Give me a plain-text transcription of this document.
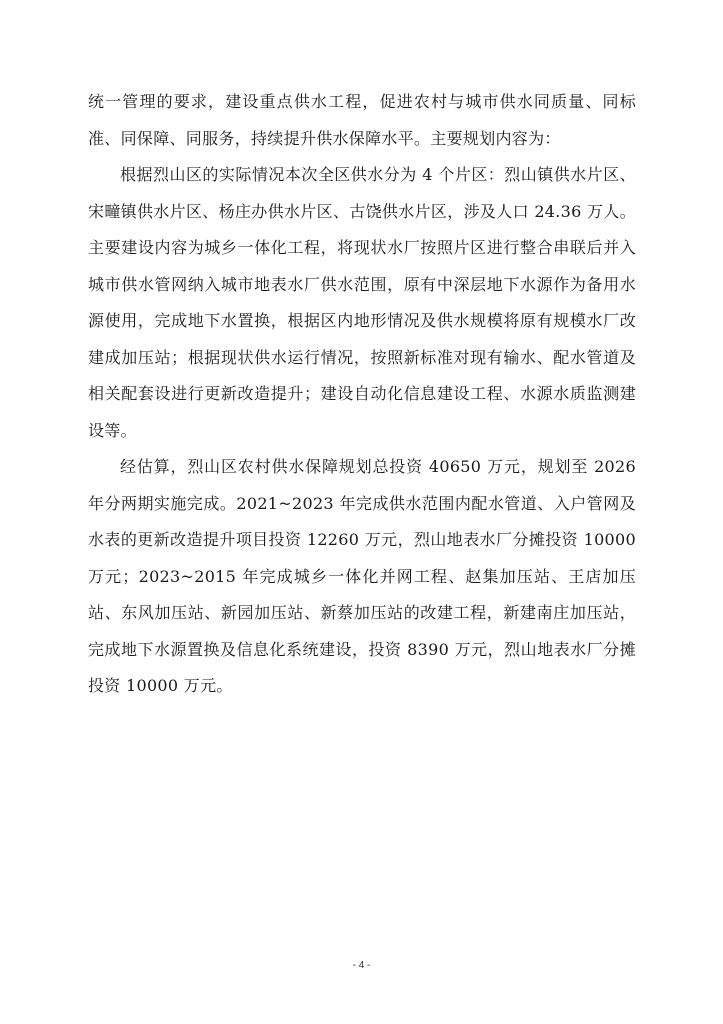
统一管理的要求，建设重点供水工程，促进农村与城市供水同质量、同标准、同保障、同服务，持续提升供水保障水平。主要规划内容为：

根据烈山区的实际情况本次全区供水分为 4 个片区：烈山镇供水片区、宋疃镇供水片区、杨庄办供水片区、古饶供水片区，涉及人口 24.36 万人。主要建设内容为城乡一体化工程，将现状水厂按照片区进行整合串联后并入城市供水管网纳入城市地表水厂供水范围，原有中深层地下水源作为备用水源使用，完成地下水置换，根据区内地形情况及供水规模将原有规模水厂改建成加压站；根据现状供水运行情况，按照新标准对现有输水、配水管道及相关配套设进行更新改造提升；建设自动化信息建设工程、水源水质监测建设等。

经估算，烈山区农村供水保障规划总投资 40650 万元，规划至 2026 年分两期实施完成。2021~2023 年完成供水范围内配水管道、入户管网及水表的更新改造提升项目投资 12260 万元，烈山地表水厂分摊投资 10000 万元；2023~2015 年完成城乡一体化并网工程、赵集加压站、王店加压站、东风加压站、新园加压站、新蔡加压站的改建工程，新建南庄加压站，完成地下水源置换及信息化系统建设，投资 8390 万元，烈山地表水厂分摊投资 10000 万元。

- 4 -
